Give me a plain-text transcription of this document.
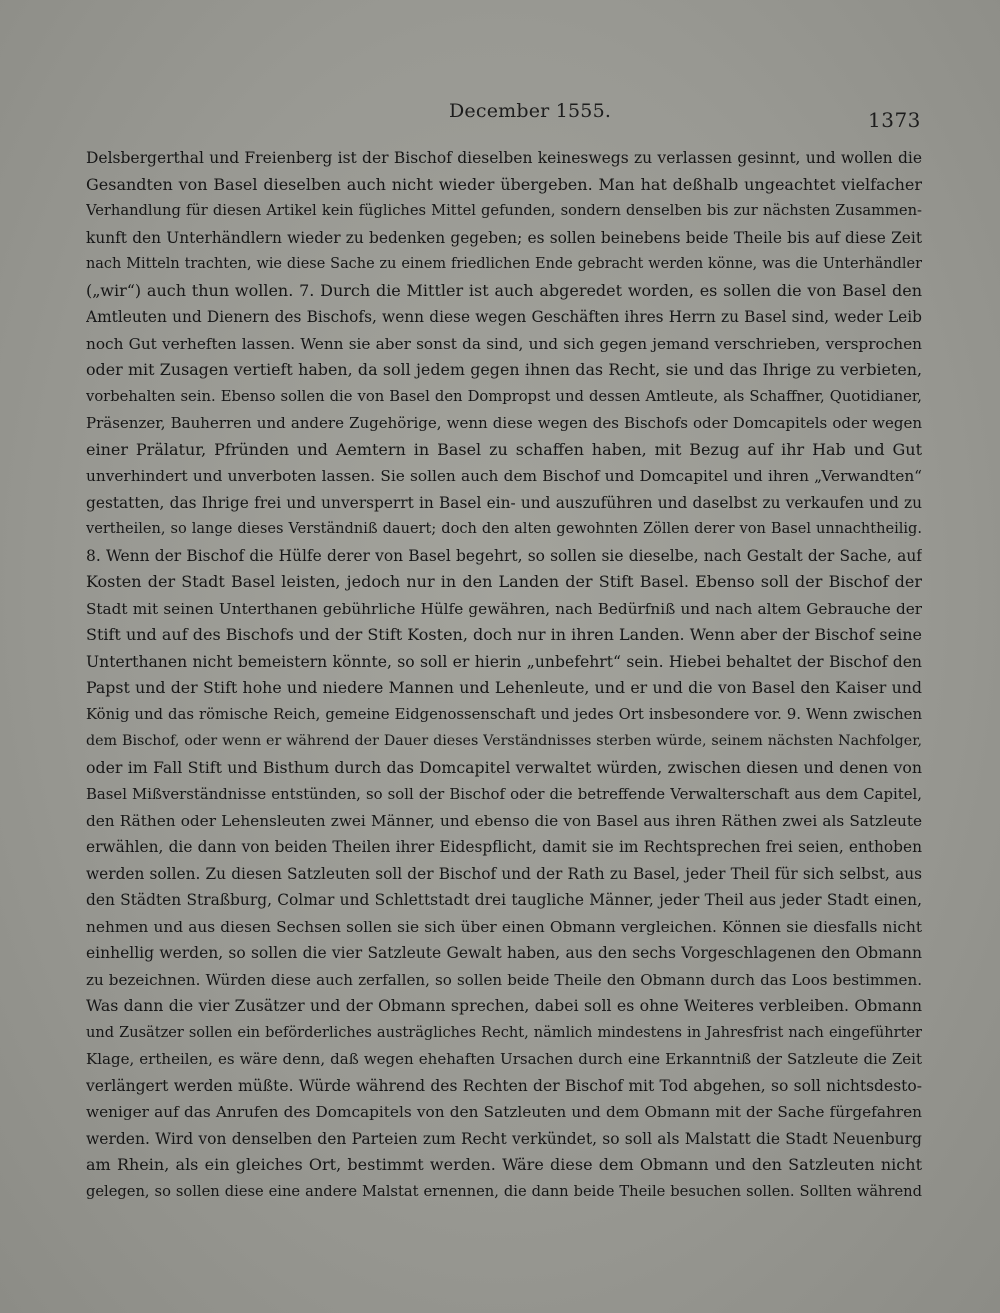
December 1555.	1373
Delsbergerthal und Freienberg ist der Bischof dieselben keineswegs zu verlassen gesinnt, und wollen die
Gesandten von Basel dieselben auch nicht wieder übergeben. Man hat deßhalb ungeachtet vielfacher
Verhandlung für diesen Artikel kein fügliches Mittel gefunden, sondern denselben bis zur nächsten Zusammen-
kunft den Unterhändlern wieder zu bedenken gegeben; es sollen beinebens beide Theile bis auf diese Zeit
nach Mitteln trachten, wie diese Sache zu einem friedlichen Ende gebracht werden könne, was die Unterhändler
(„wir“) auch thun wollen. 7. Durch die Mittler ist auch abgeredet worden, es sollen die von Basel den
Amtleuten und Dienern des Bischofs, wenn diese wegen Geschäften ihres Herrn zu Basel sind, weder Leib
noch Gut verheften lassen. Wenn sie aber sonst da sind, und sich gegen jemand verschrieben, versprochen
oder mit Zusagen vertieft haben, da soll jedem gegen ihnen das Recht, sie und das Ihrige zu verbieten,
vorbehalten sein. Ebenso sollen die von Basel den Dompropst und dessen Amtleute, als Schaffner, Quotidianer,
Präsenzer, Bauherren und andere Zugehörige, wenn diese wegen des Bischofs oder Domcapitels oder wegen
einer Prälatur, Pfründen und Aemtern in Basel zu schaffen haben, mit Bezug auf ihr Hab und Gut
unverhindert und unverboten lassen. Sie sollen auch dem Bischof und Domcapitel und ihren „Verwandten“
gestatten, das Ihrige frei und unversperrt in Basel ein- und auszuführen und daselbst zu verkaufen und zu
vertheilen, so lange dieses Verständniß dauert; doch den alten gewohnten Zöllen derer von Basel unnachtheilig.
8. Wenn der Bischof die Hülfe derer von Basel begehrt, so sollen sie dieselbe, nach Gestalt der Sache, auf
Kosten der Stadt Basel leisten, jedoch nur in den Landen der Stift Basel. Ebenso soll der Bischof der
Stadt mit seinen Unterthanen gebührliche Hülfe gewähren, nach Bedürfniß und nach altem Gebrauche der
Stift und auf des Bischofs und der Stift Kosten, doch nur in ihren Landen. Wenn aber der Bischof seine
Unterthanen nicht bemeistern könnte, so soll er hierin „unbefehrt“ sein. Hiebei behaltet der Bischof den
Papst und der Stift hohe und niedere Mannen und Lehenleute, und er und die von Basel den Kaiser und
König und das römische Reich, gemeine Eidgenossenschaft und jedes Ort insbesondere vor. 9. Wenn zwischen
dem Bischof, oder wenn er während der Dauer dieses Verständnisses sterben würde, seinem nächsten Nachfolger,
oder im Fall Stift und Bisthum durch das Domcapitel verwaltet würden, zwischen diesen und denen von
Basel Mißverständnisse entstünden, so soll der Bischof oder die betreffende Verwalterschaft aus dem Capitel,
den Räthen oder Lehensleuten zwei Männer, und ebenso die von Basel aus ihren Räthen zwei als Satzleute
erwählen, die dann von beiden Theilen ihrer Eidespflicht, damit sie im Rechtsprechen frei seien, enthoben
werden sollen. Zu diesen Satzleuten soll der Bischof und der Rath zu Basel, jeder Theil für sich selbst, aus
den Städten Straßburg, Colmar und Schlettstadt drei taugliche Männer, jeder Theil aus jeder Stadt einen,
nehmen und aus diesen Sechsen sollen sie sich über einen Obmann vergleichen. Können sie diesfalls nicht
einhellig werden, so sollen die vier Satzleute Gewalt haben, aus den sechs Vorgeschlagenen den Obmann
zu bezeichnen. Würden diese auch zerfallen, so sollen beide Theile den Obmann durch das Loos bestimmen.
Was dann die vier Zusätzer und der Obmann sprechen, dabei soll es ohne Weiteres verbleiben. Obmann
und Zusätzer sollen ein beförderliches austrägliches Recht, nämlich mindestens in Jahresfrist nach eingeführter
Klage, ertheilen, es wäre denn, daß wegen ehehaften Ursachen durch eine Erkanntniß der Satzleute die Zeit
verlängert werden müßte. Würde während des Rechten der Bischof mit Tod abgehen, so soll nichtsdesto-
weniger auf das Anrufen des Domcapitels von den Satzleuten und dem Obmann mit der Sache fürgefahren
werden. Wird von denselben den Parteien zum Recht verkündet, so soll als Malstatt die Stadt Neuenburg
am Rhein, als ein gleiches Ort, bestimmt werden. Wäre diese dem Obmann und den Satzleuten nicht
gelegen, so sollen diese eine andere Malstat ernennen, die dann beide Theile besuchen sollen. Sollten während
